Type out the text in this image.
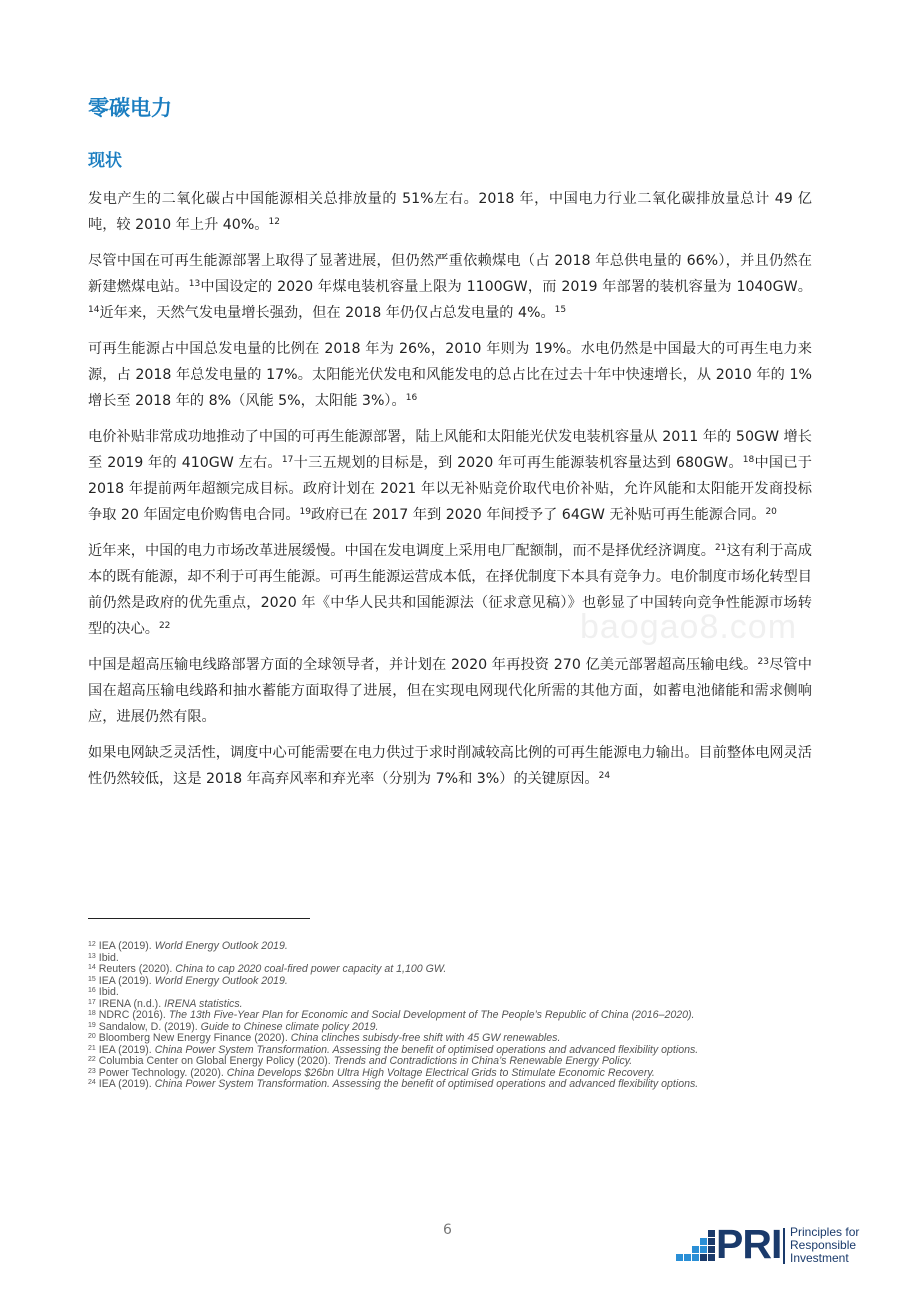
零碳电力
现状

发电产生的二氧化碳占中国能源相关总排放量的 51%左右。2018 年，中国电力行业二氧化碳排放量总计 49 亿吨，较 2010 年上升 40%。$^{12}$

尽管中国在可再生能源部署上取得了显著进展，但仍然严重依赖煤电（占 2018 年总供电量的 66%），并且仍然在新建燃煤电站。$^{13}$中国设定的 2020 年煤电装机容量上限为 1100GW，而 2019 年部署的装机容量为 1040GW。$^{14}$近年来，天然气发电量增长强劲，但在 2018 年仍仅占总发电量的 4%。$^{15}$

可再生能源占中国总发电量的比例在 2018 年为 26%，2010 年则为 19%。水电仍然是中国最大的可再生电力来源，占 2018 年总发电量的 17%。太阳能光伏发电和风能发电的总占比在过去十年中快速增长，从 2010 年的 1%增长至 2018 年的 8%（风能 5%，太阳能 3%）。$^{16}$

电价补贴非常成功地推动了中国的可再生能源部署，陆上风能和太阳能光伏发电装机容量从 2011 年的 50GW 增长至 2019 年的 410GW 左右。$^{17}$十三五规划的目标是，到 2020 年可再生能源装机容量达到 680GW。$^{18}$中国已于 2018 年提前两年超额完成目标。政府计划在 2021 年以无补贴竞价取代电价补贴，允许风能和太阳能开发商投标争取 20 年固定电价购售电合同。$^{19}$政府已在 2017 年到 2020 年间授予了 64GW 无补贴可再生能源合同。$^{20}$

近年来，中国的电力市场改革进展缓慢。中国在发电调度上采用电厂配额制，而不是择优经济调度。$^{21}$这有利于高成本的既有能源，却不利于可再生能源。可再生能源运营成本低，在择优制度下本具有竞争力。电价制度市场化转型目前仍然是政府的优先重点，2020 年《中华人民共和国能源法（征求意见稿）》也彰显了中国转向竞争性能源市场转型的决心。$^{22}$

中国是超高压输电线路部署方面的全球领导者，并计划在 2020 年再投资 270 亿美元部署超高压输电线。$^{23}$尽管中国在超高压输电线路和抽水蓄能方面取得了进展，但在实现电网现代化所需的其他方面，如蓄电池储能和需求侧响应，进展仍然有限。

如果电网缺乏灵活性，调度中心可能需要在电力供过于求时削减较高比例的可再生能源电力输出。目前整体电网灵活性仍然较低，这是 2018 年高弃风率和弃光率（分别为 7%和 3%）的关键原因。$^{24}$

baogao8.com
$^{12}$ IEA (2019). World Energy Outlook 2019.
$^{13}$ Ibid.
$^{14}$ Reuters (2020). China to cap 2020 coal-fired power capacity at 1,100 GW.
$^{15}$ IEA (2019). World Energy Outlook 2019.
$^{16}$ Ibid.
$^{17}$ IRENA (n.d.). IRENA statistics.
$^{18}$ NDRC (2016). The 13th Five-Year Plan for Economic and Social Development of The People’s Republic of China (2016–2020).
$^{19}$ Sandalow, D. (2019). Guide to Chinese climate policy 2019.
$^{20}$ Bloomberg New Energy Finance (2020). China clinches subisdy-free shift with 45 GW renewables.
$^{21}$ IEA (2019). China Power System Transformation. Assessing the benefit of optimised operations and advanced flexibility options.
$^{22}$ Columbia Center on Global Energy Policy (2020). Trends and Contradictions in China’s Renewable Energy Policy.
$^{23}$ Power Technology. (2020). China Develops $26bn Ultra High Voltage Electrical Grids to Stimulate Economic Recovery.
$^{24}$ IEA (2019). China Power System Transformation. Assessing the benefit of optimised operations and advanced flexibility options.
6	PRI Principles for
Responsible
Investment
